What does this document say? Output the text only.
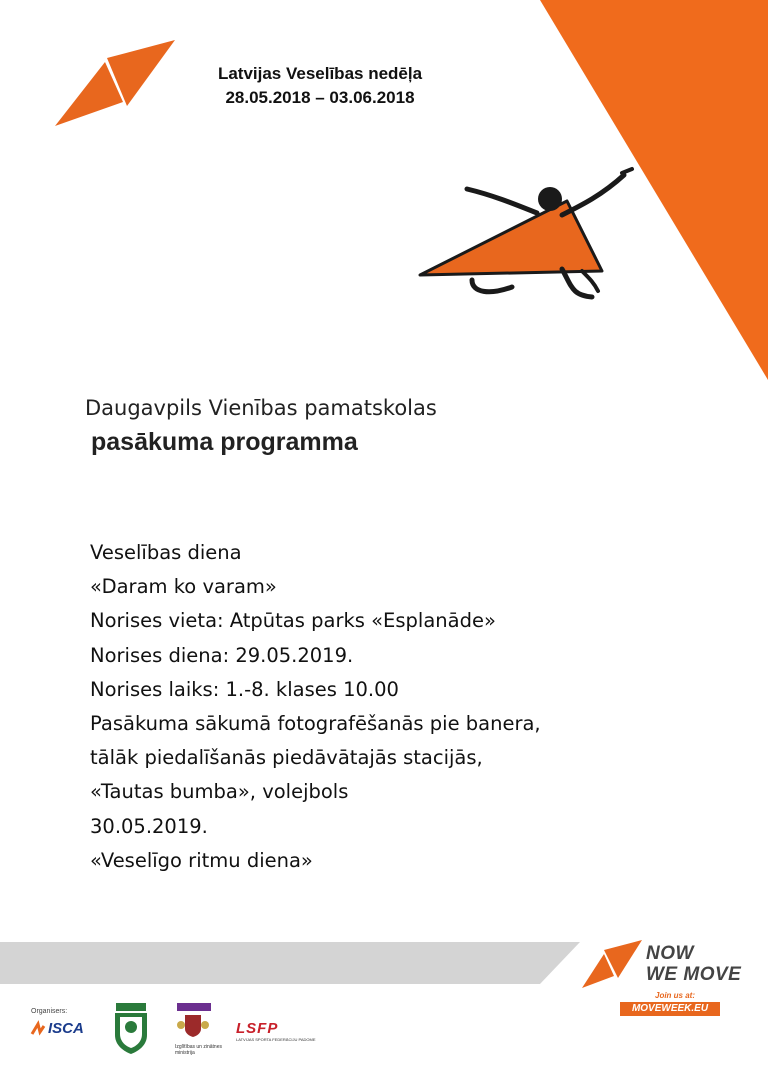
Latvijas Veselības nedēļa
28.05.2018 – 03.06.2018
Daugavpils Vienības pamatskolas
pasākuma programma
Veselības diena
«Daram ko varam»
Norises vieta: Atpūtas parks «Esplanāde»
Norises diena: 29.05.2019.
Norises laiks: 1.-8. klases 10.00
Pasākuma sākumā fotografēšanās pie banera,
tālāk piedalīšanās piedāvātajās stacijās,
«Tautas bumba», volejbols
30.05.2019.
«Veselīgo ritmu diena»
NOW
WE MOVE
Join us at:
MOVEWEEK.EU
Organisers:
ISCA
Izglītības un zinātnes ministrija
LSFP
LATVIJAS SPORTA FEDERĀCIJU PADOME
